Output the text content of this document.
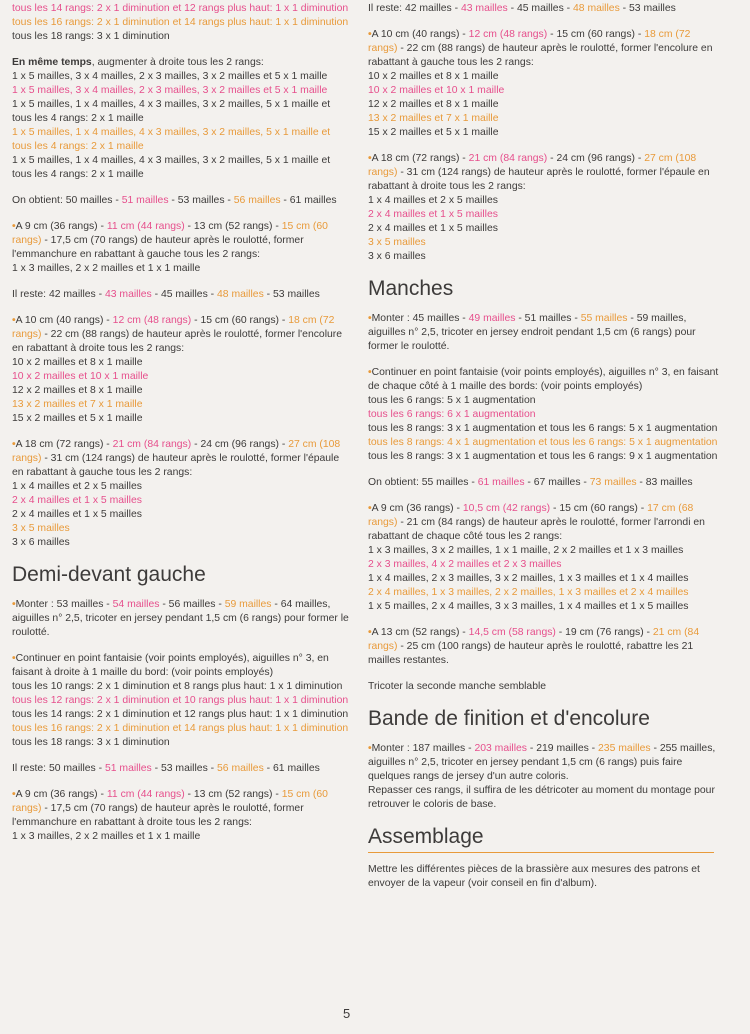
tous les 14 rangs: 2 x 1 diminution et 12 rangs plus haut: 1 x 1 diminution
tous les 16 rangs: 2 x 1 diminution et 14 rangs plus haut: 1 x 1 diminution
tous les 18 rangs: 3 x 1 diminution
En même temps, augmenter à droite tous les 2 rangs:
1 x 5 mailles, 3 x 4 mailles, 2 x 3 mailles, 3 x 2 mailles et 5 x 1 maille
1 x 5 mailles, 3 x 4 mailles, 2 x 3 mailles, 3 x 2 mailles et 5 x 1 maille
1 x 5 mailles, 1 x 4 mailles, 4 x 3 mailles, 3 x 2 mailles, 5 x 1 maille et tous les 4 rangs: 2 x 1 maille
1 x 5 mailles, 1 x 4 mailles, 4 x 3 mailles, 3 x 2 mailles, 5 x 1 maille et tous les 4 rangs: 2 x 1 maille
1 x 5 mailles, 1 x 4 mailles, 4 x 3 mailles, 3 x 2 mailles, 5 x 1 maille et tous les 4 rangs: 2 x 1 maille
On obtient: 50 mailles - 51 mailles - 53 mailles - 56 mailles - 61 mailles
•A 9 cm (36 rangs) - 11 cm (44 rangs) - 13 cm (52 rangs) - 15 cm (60 rangs) - 17,5 cm (70 rangs) de hauteur après le roulotté, former l'emmanchure en rabattant à gauche tous les 2 rangs:
1 x 3 mailles, 2 x 2 mailles et 1 x 1 maille
Il reste: 42 mailles - 43 mailles - 45 mailles - 48 mailles - 53 mailles
•A 10 cm (40 rangs) - 12 cm (48 rangs) - 15 cm (60 rangs) - 18 cm (72 rangs) - 22 cm (88 rangs) de hauteur après le roulotté, former l'encolure en rabattant à droite tous les 2 rangs:
10 x 2 mailles et 8 x 1 maille
10 x 2 mailles et 10 x 1 maille
12 x 2 mailles et 8 x 1 maille
13 x 2 mailles et 7 x 1 maille
15 x 2 mailles et 5 x 1 maille
•A 18 cm (72 rangs) - 21 cm (84 rangs) - 24 cm (96 rangs) - 27 cm (108 rangs) - 31 cm (124 rangs) de hauteur après le roulotté, former l'épaule en rabattant à gauche tous les 2 rangs:
1 x 4 mailles et 2 x 5 mailles
2 x 4 mailles et 1 x 5 mailles
2 x 4 mailles et 1 x 5 mailles
3 x 5 mailles
3 x 6 mailles
Demi-devant gauche
•Monter : 53 mailles - 54 mailles - 56 mailles - 59 mailles - 64 mailles, aiguilles n° 2,5, tricoter en jersey pendant 1,5 cm (6 rangs) pour former le roulotté.
•Continuer en point fantaisie (voir points employés), aiguilles n° 3, en faisant à droite à 1 maille du bord: (voir points employés)
tous les 10 rangs: 2 x 1 diminution et 8 rangs plus haut: 1 x 1 diminution
tous les 12 rangs: 2 x 1 diminution et 10 rangs plus haut: 1 x 1 diminution
tous les 14 rangs: 2 x 1 diminution et 12 rangs plus haut: 1 x 1 diminution
tous les 16 rangs: 2 x 1 diminution et 14 rangs plus haut: 1 x 1 diminution
tous les 18 rangs: 3 x 1 diminution
Il reste: 50 mailles - 51 mailles - 53 mailles - 56 mailles - 61 mailles
•A 9 cm (36 rangs) - 11 cm (44 rangs) - 13 cm (52 rangs) - 15 cm (60 rangs) - 17,5 cm (70 rangs) de hauteur après le roulotté, former l'emmanchure en rabattant à droite tous les 2 rangs:
1 x 3 mailles, 2 x 2 mailles et 1 x 1 maille
Il reste: 42 mailles - 43 mailles - 45 mailles - 48 mailles - 53 mailles
•A 10 cm (40 rangs) - 12 cm (48 rangs) - 15 cm (60 rangs) - 18 cm (72 rangs) - 22 cm (88 rangs) de hauteur après le roulotté, former l'encolure en rabattant à gauche tous les 2 rangs:
10 x 2 mailles et 8 x 1 maille
10 x 2 mailles et 10 x 1 maille
12 x 2 mailles et 8 x 1 maille
13 x 2 mailles et 7 x 1 maille
15 x 2 mailles et 5 x 1 maille
•A 18 cm (72 rangs) - 21 cm (84 rangs) - 24 cm (96 rangs) - 27 cm (108 rangs) - 31 cm (124 rangs) de hauteur après le roulotté, former l'épaule en rabattant à droite tous les 2 rangs:
1 x 4 mailles et 2 x 5 mailles
2 x 4 mailles et 1 x 5 mailles
2 x 4 mailles et 1 x 5 mailles
3 x 5 mailles
3 x 6 mailles
Manches
•Monter : 45 mailles - 49 mailles - 51 mailles - 55 mailles - 59 mailles, aiguilles n° 2,5, tricoter en jersey endroit pendant 1,5 cm (6 rangs) pour former le roulotté.
•Continuer en point fantaisie (voir points employés), aiguilles n° 3, en faisant de chaque côté à 1 maille des bords: (voir points employés)
tous les 6 rangs: 5 x 1 augmentation
tous les 6 rangs: 6 x 1 augmentation
tous les 8 rangs: 3 x 1 augmentation et tous les 6 rangs: 5 x 1 augmentation
tous les 8 rangs: 4 x 1 augmentation et tous les 6 rangs: 5 x 1 augmentation
tous les 8 rangs: 3 x 1 augmentation et tous les 6 rangs: 9 x 1 augmentation
On obtient: 55 mailles - 61 mailles - 67 mailles - 73 mailles - 83 mailles
•A 9 cm (36 rangs) - 10,5 cm (42 rangs) - 15 cm (60 rangs) - 17 cm (68 rangs) - 21 cm (84 rangs) de hauteur après le roulotté, former l'arrondi en rabattant de chaque côté tous les 2 rangs:
1 x 3 mailles, 3 x 2 mailles, 1 x 1 maille, 2 x 2 mailles et 1 x 3 mailles
2 x 3 mailles, 4 x 2 mailles et 2 x 3 mailles
1 x 4 mailles, 2 x 3 mailles, 3 x 2 mailles, 1 x 3 mailles et 1 x 4 mailles
2 x 4 mailles, 1 x 3 mailles, 2 x 2 mailles, 1 x 3 mailles et 2 x 4 mailles
1 x 5 mailles, 2 x 4 mailles, 3 x 3 mailles, 1 x 4 mailles et 1 x 5 mailles
•A 13 cm (52 rangs) - 14,5 cm (58 rangs) - 19 cm (76 rangs) - 21 cm (84 rangs) - 25 cm (100 rangs) de hauteur après le roulotté, rabattre les 21 mailles restantes.
Tricoter la seconde manche semblable
Bande de finition et d'encolure
•Monter : 187 mailles - 203 mailles - 219 mailles - 235 mailles - 255 mailles, aiguilles n° 2,5, tricoter en jersey pendant 1,5 cm (6 rangs) puis faire quelques rangs de jersey d'un autre coloris.
Repasser ces rangs, il suffira de les détricoter au moment du montage pour retrouver le coloris de base.
Assemblage
Mettre les différentes pièces de la brassière aux mesures des patrons et envoyer de la vapeur (voir conseil en fin d'album).
5
